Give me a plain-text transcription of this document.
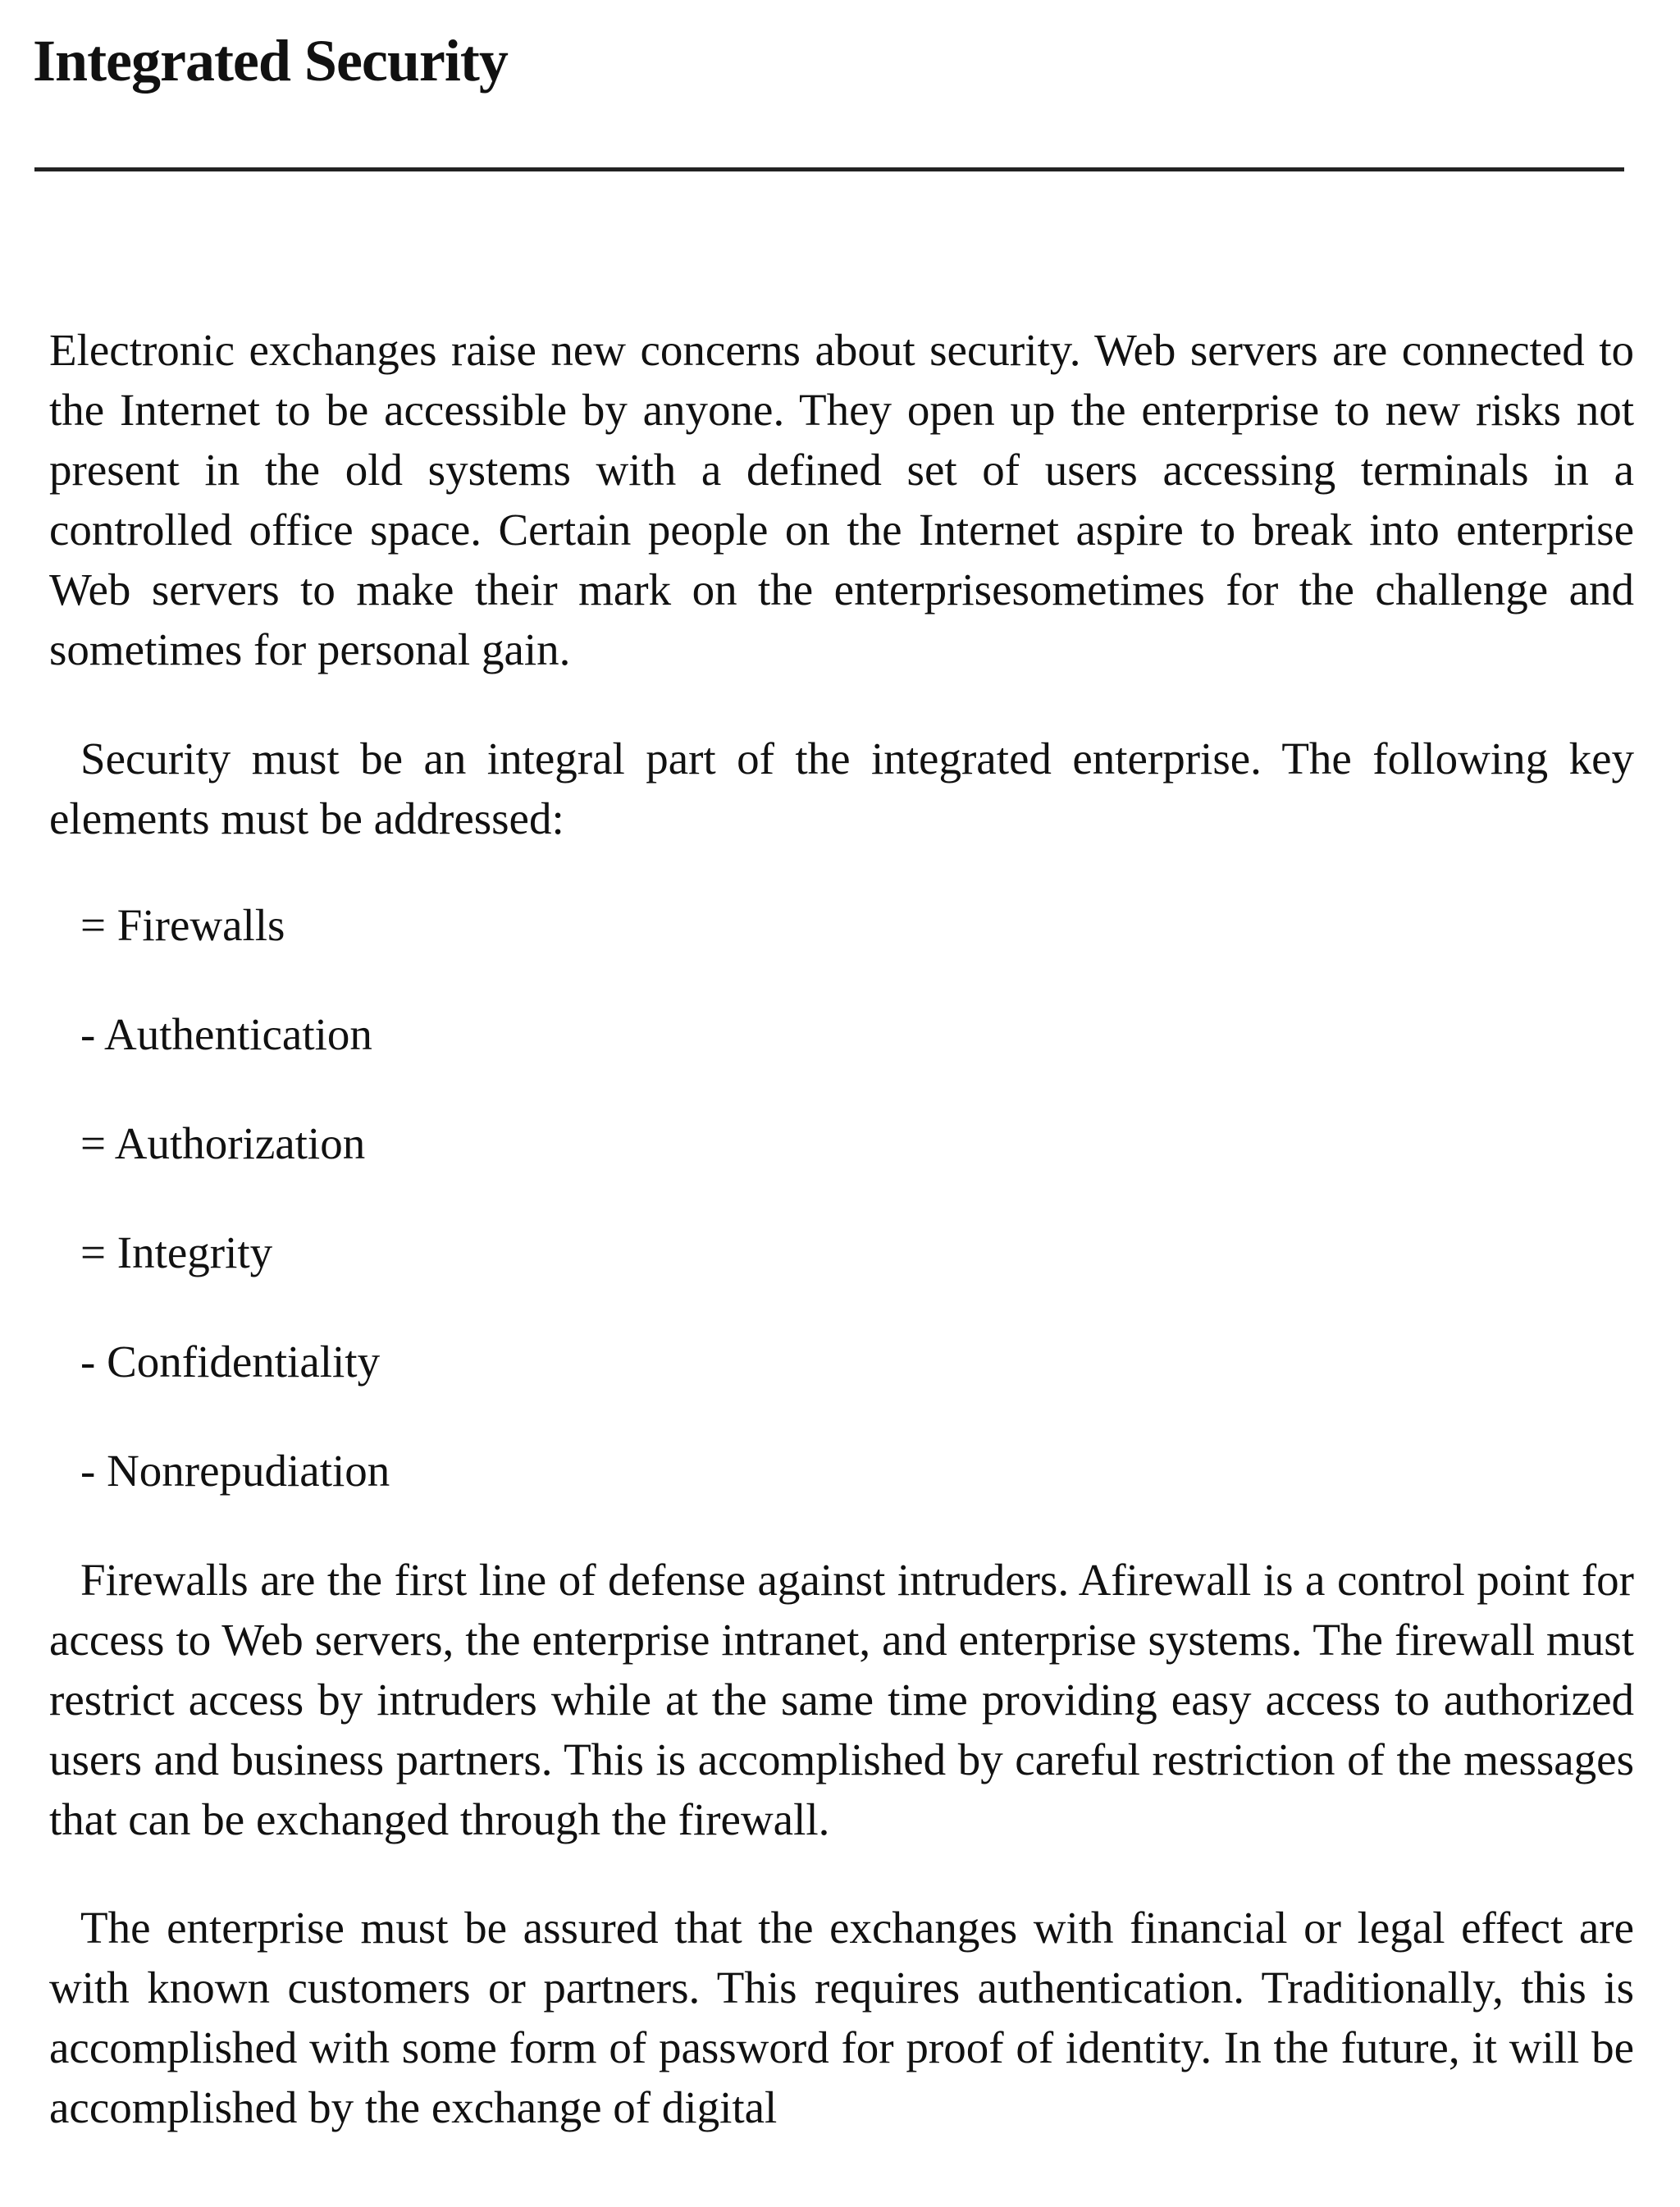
Integrated Security

Electronic exchanges raise new concerns about security. Web servers are connected to the Internet to be accessible by anyone. They open up the enterprise to new risks not present in the old systems with a defined set of users accessing terminals in a controlled office space. Certain people on the Internet aspire to break into enterprise Web servers to make their mark on the enterprisesometimes for the challenge and sometimes for personal gain.

Security must be an integral part of the integrated enterprise. The following key elements must be addressed:

= Firewalls
- Authentication
= Authorization
= Integrity
- Confidentiality
- Nonrepudiation

Firewalls are the first line of defense against intruders. Afirewall is a control point for access to Web servers, the enterprise intranet, and enterprise systems. The firewall must restrict access by intruders while at the same time providing easy access to authorized users and business partners. This is accomplished by careful restriction of the messages that can be exchanged through the firewall.

The enterprise must be assured that the exchanges with financial or legal effect are with known customers or partners. This requires authentication. Traditionally, this is accomplished with some form of password for proof of identity. In the future, it will be accomplished by the exchange of digital
